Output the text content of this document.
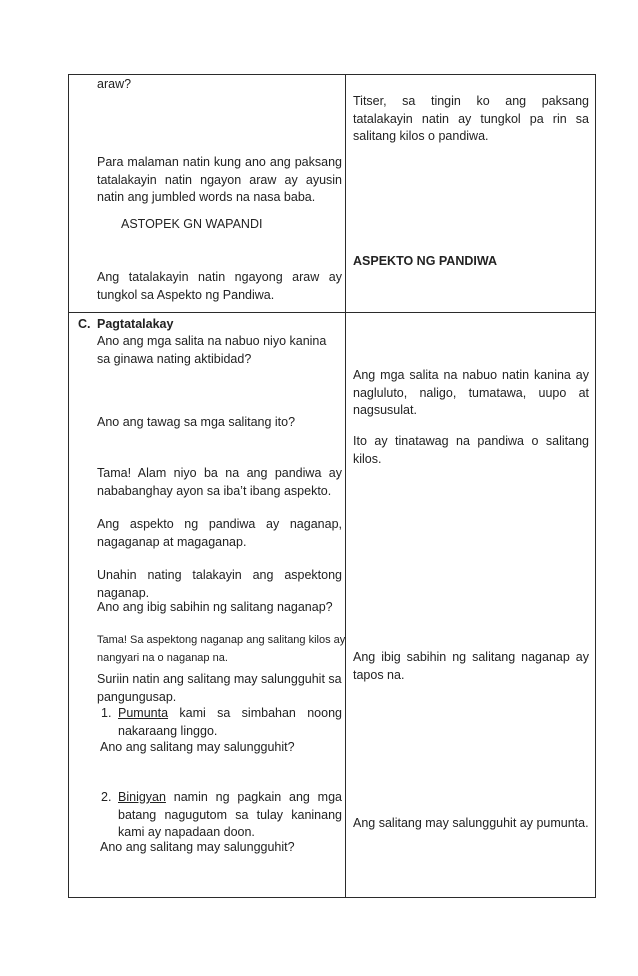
araw?

Para malaman natin kung ano ang paksang tatalakayin natin ngayon araw ay ayusin natin ang jumbled words na nasa baba.

ASTOPEK GN WAPANDI

Ang tatalakayin natin ngayong araw ay tungkol sa Aspekto ng Pandiwa.

Titser, sa tingin ko ang paksang tatalakayin natin ay tungkol pa rin sa salitang kilos o pandiwa.

ASPEKTO NG PANDIWA

C. Pagtatalakay

Ano ang mga salita na nabuo niyo kanina sa ginawa nating aktibidad?

Ano ang tawag sa mga salitang ito?

Tama! Alam niyo ba na ang pandiwa ay nababanghay ayon sa iba’t ibang aspekto.

Ang aspekto ng pandiwa ay naganap, nagaganap at magaganap.

Unahin nating talakayin ang aspektong naganap.

Ano ang ibig sabihin ng salitang naganap?

Tama! Sa aspektong naganap ang salitang kilos ay nangyari na o naganap na.

Suriin natin ang salitang may salungguhit sa pangungusap.

1. Pumunta kami sa simbahan noong nakaraang linggo.

Ano ang salitang may salungguhit?

2. Binigyan namin ng pagkain ang mga batang nagugutom sa tulay kaninang kami ay napadaan doon.

Ano ang salitang may salungguhit?

Ang mga salita na nabuo natin kanina ay nagluluto, naligo, tumatawa, uupo at nagsusulat.

Ito ay tinatawag na pandiwa o salitang kilos.

Ang ibig sabihin ng salitang naganap ay tapos na.

Ang salitang may salungguhit ay pumunta.
